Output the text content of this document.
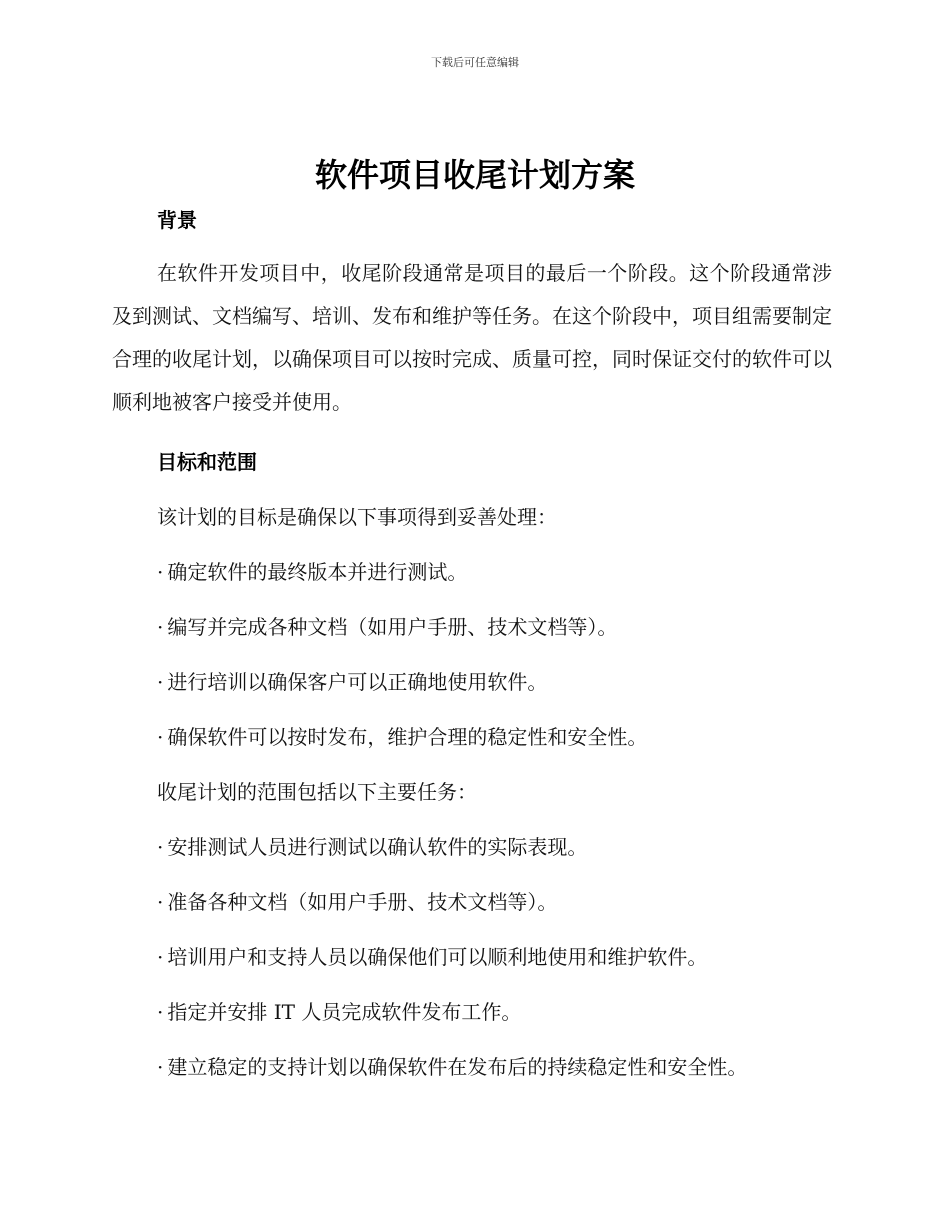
下载后可任意编辑
软件项目收尾计划方案
背景

在软件开发项目中，收尾阶段通常是项目的最后一个阶段。这个阶段通常涉及到测试、文档编写、培训、发布和维护等任务。在这个阶段中，项目组需要制定合理的收尾计划，以确保项目可以按时完成、质量可控，同时保证交付的软件可以顺利地被客户接受并使用。

目标和范围

该计划的目标是确保以下事项得到妥善处理：

· 确定软件的最终版本并进行测试。

· 编写并完成各种文档（如用户手册、技术文档等）。

· 进行培训以确保客户可以正确地使用软件。

· 确保软件可以按时发布，维护合理的稳定性和安全性。

收尾计划的范围包括以下主要任务：

· 安排测试人员进行测试以确认软件的实际表现。

· 准备各种文档（如用户手册、技术文档等）。

· 培训用户和支持人员以确保他们可以顺利地使用和维护软件。

· 指定并安排 IT 人员完成软件发布工作。

· 建立稳定的支持计划以确保软件在发布后的持续稳定性和安全性。
